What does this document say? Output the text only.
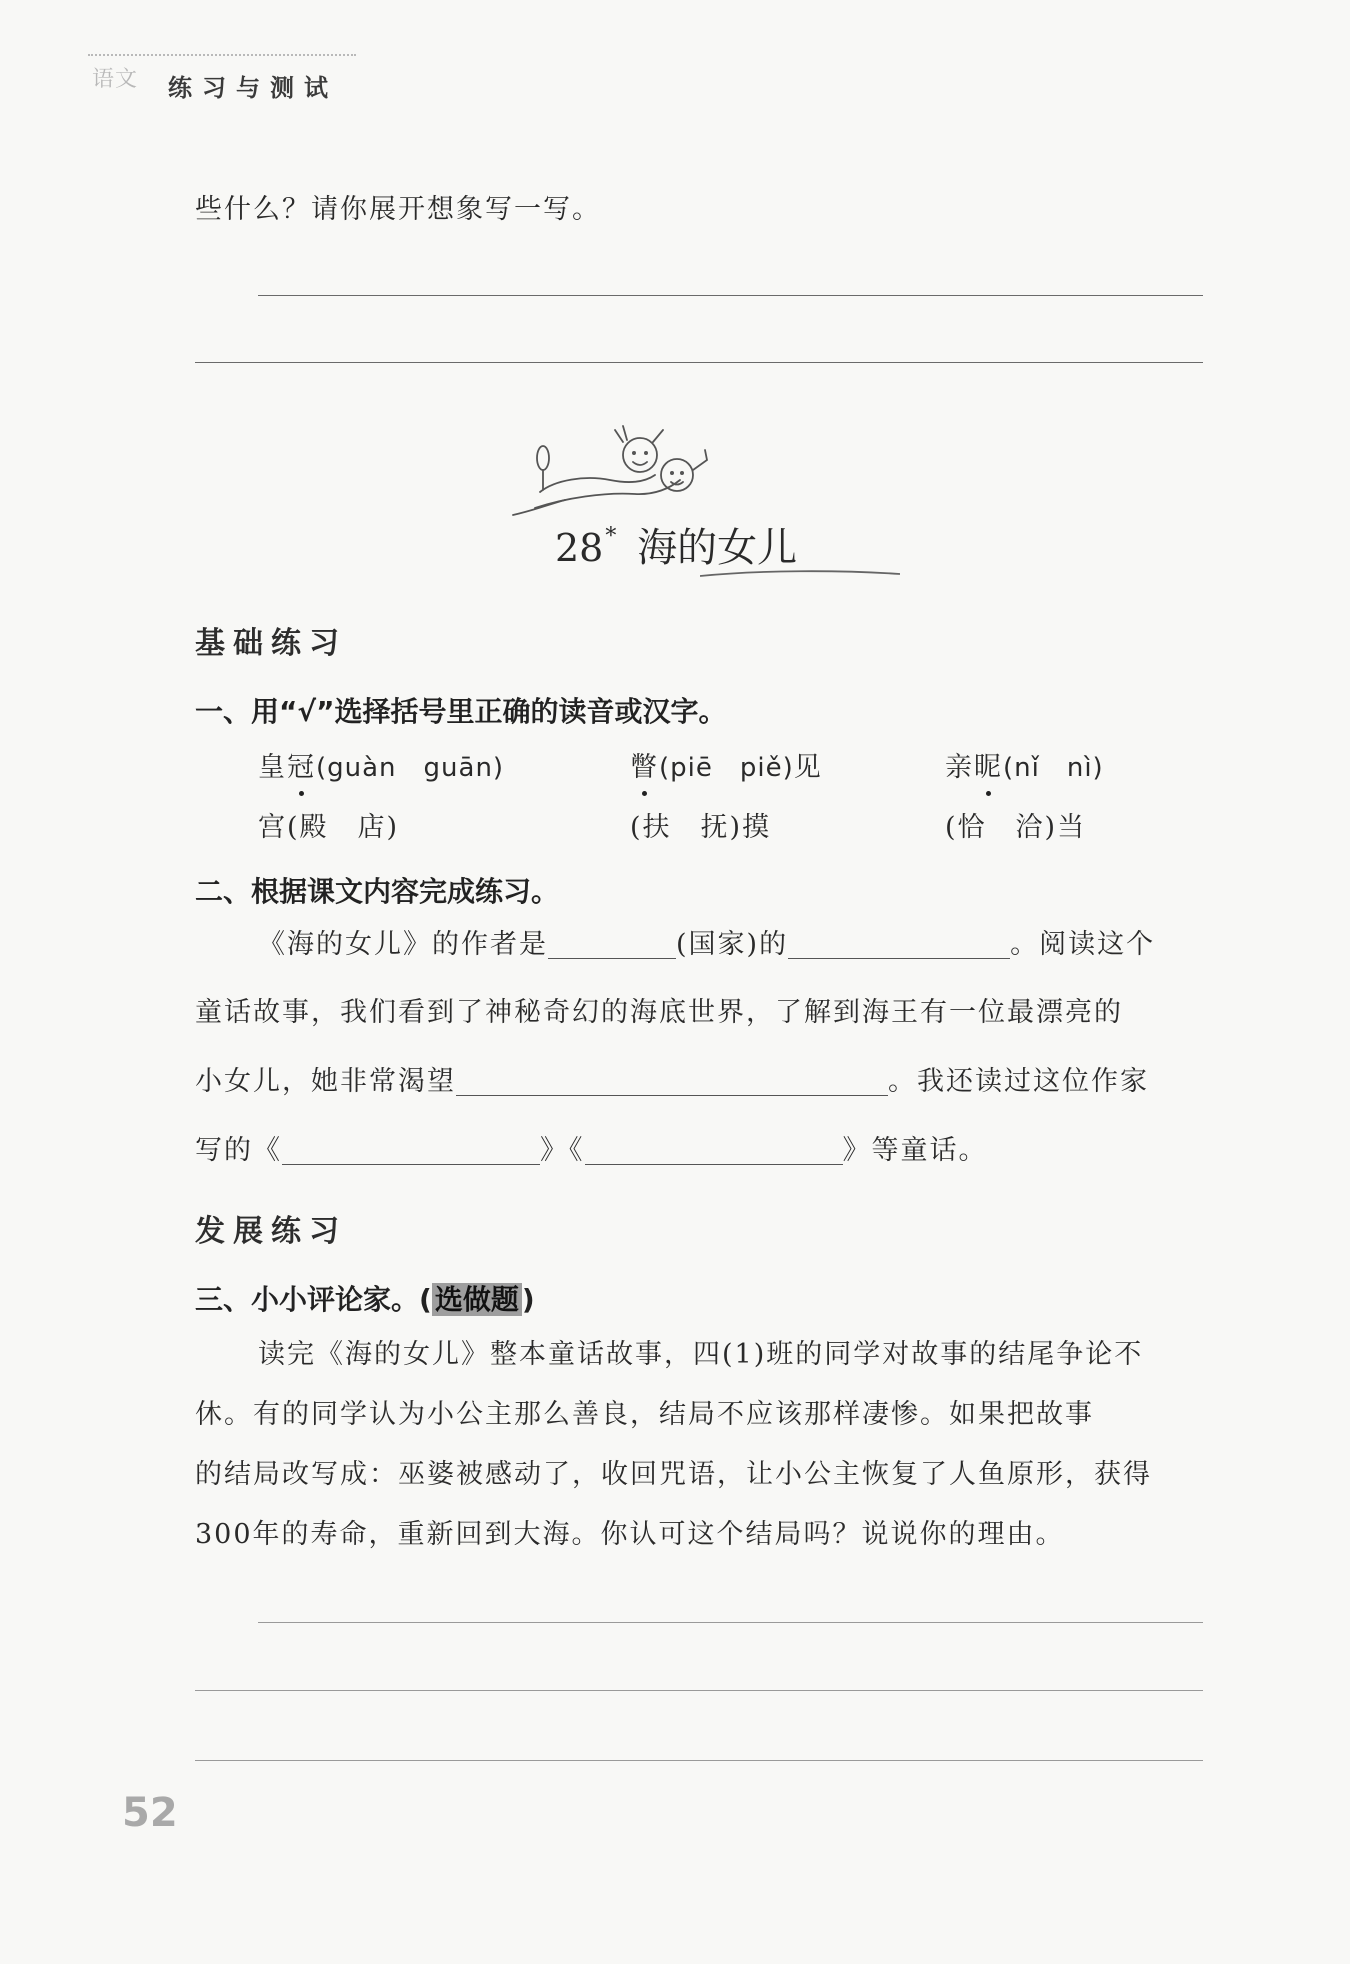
语文 练习与测试
些什么？请你展开想象写一写。
28* 海的女儿
基础练习
一、用“√”选择括号里正确的读音或汉字。
皇冠(guàn　guān)	瞥(piē　piě)见	亲昵(nǐ　nì)
宫(殿　店)	(扶　抚)摸	(恰　洽)当
二、根据课文内容完成练习。
《海的女儿》的作者是	(国家)的	。阅读这个
童话故事，我们看到了神秘奇幻的海底世界，了解到海王有一位最漂亮的
小女儿，她非常渴望	。我还读过这位作家
写的《	》《	》等童话。
发展练习
三、小小评论家。( 选做题 )
读完《海的女儿》整本童话故事，四(1)班的同学对故事的结尾争论不
休。有的同学认为小公主那么善良，结局不应该那样凄惨。如果把故事
的结局改写成：巫婆被感动了，收回咒语，让小公主恢复了人鱼原形，获得
300年的寿命，重新回到大海。你认可这个结局吗？说说你的理由。
52
